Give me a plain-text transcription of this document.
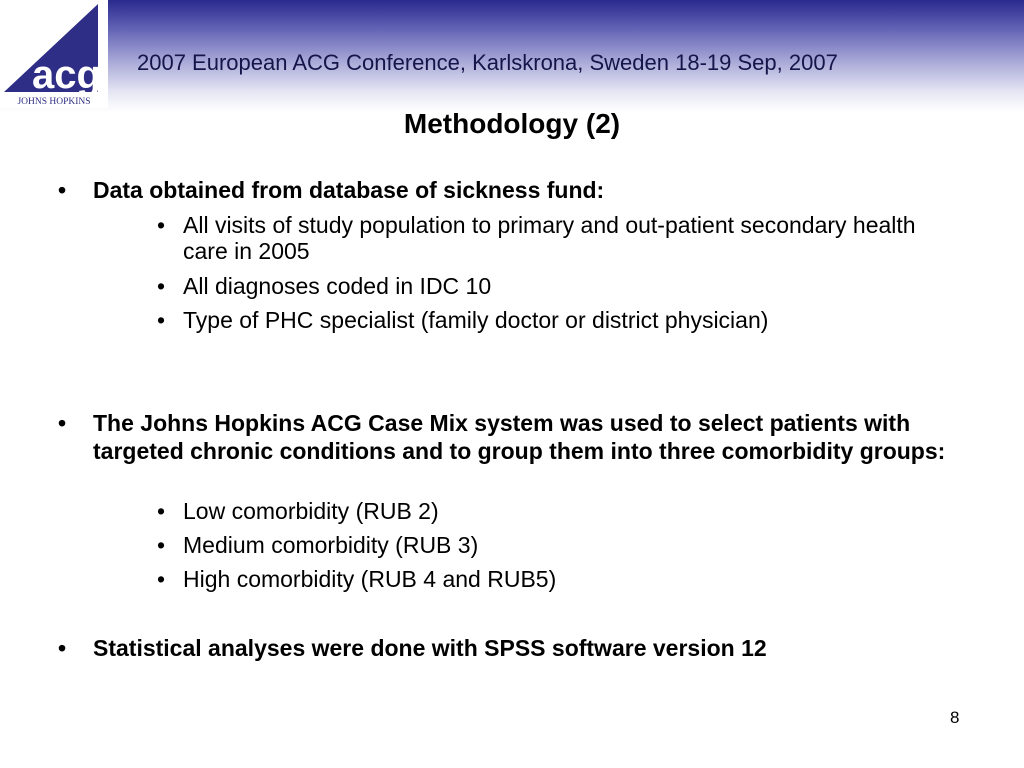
acg
JOHNS HOPKINS
2007 European ACG Conference, Karlskrona, Sweden 18-19 Sep, 2007
Methodology (2)
• Data obtained from database of sickness fund:
• All visits of study population to primary and out-patient secondary health care in 2005
• All diagnoses coded in IDC 10
• Type of PHC specialist (family doctor or district physician)
• The Johns Hopkins ACG Case Mix system was used to select patients with targeted chronic conditions and to group them into three comorbidity groups:
• Low comorbidity (RUB 2)
• Medium comorbidity (RUB 3)
• High comorbidity (RUB 4 and RUB5)
• Statistical analyses were done with SPSS software version 12
8
